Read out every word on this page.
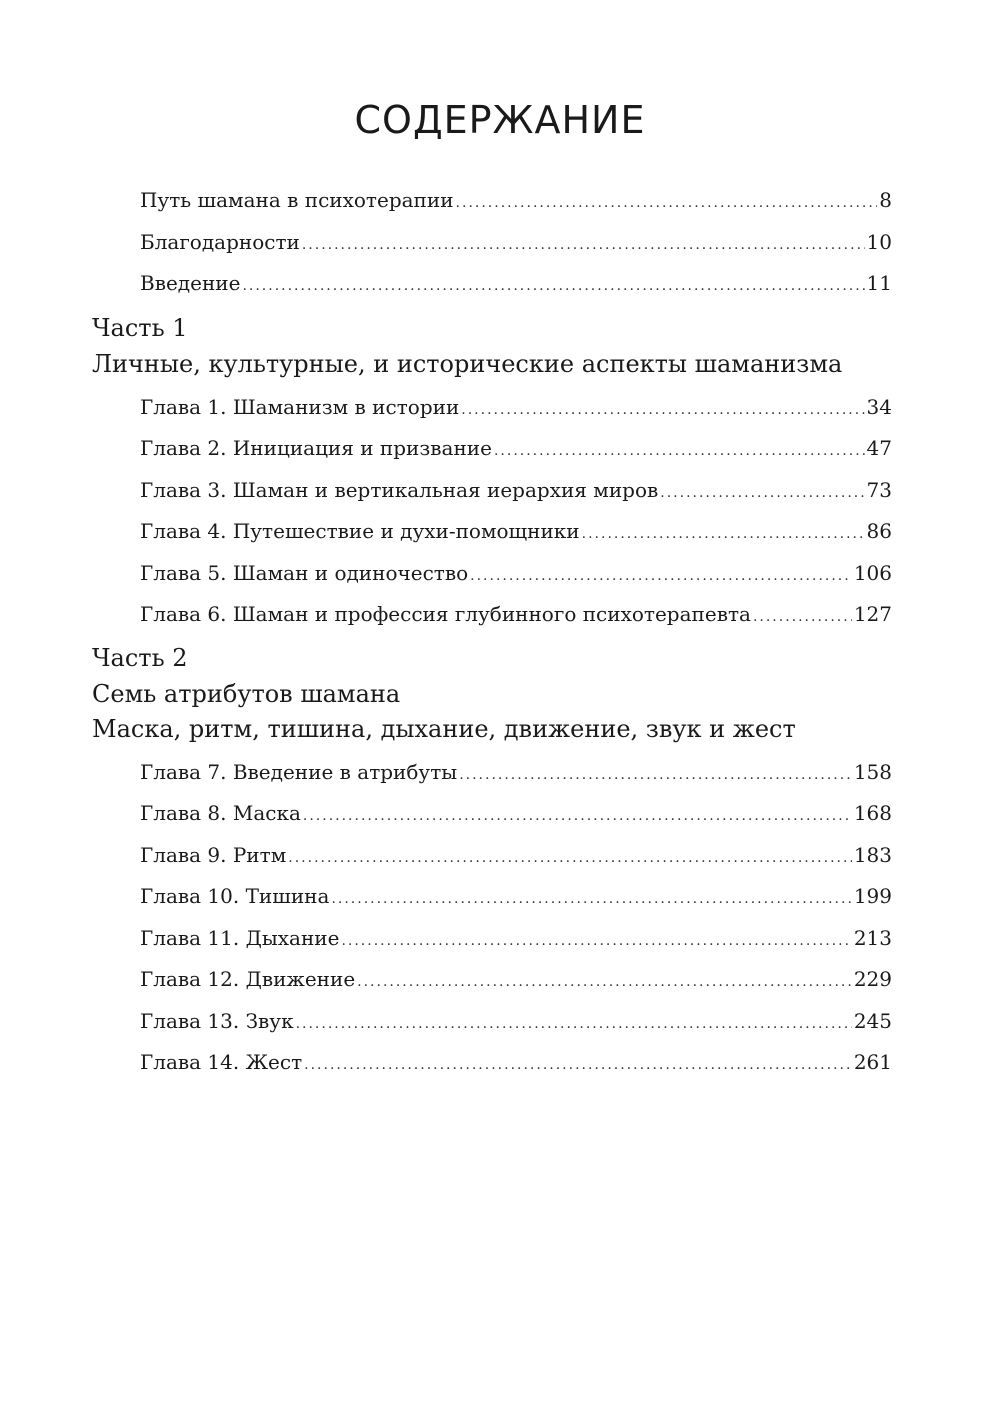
СОДЕРЖАНИЕ
Путь шамана в психотерапии .....	8
Благодарности .....	10
Введение .....	11
Часть 1
Личные, культурные, и исторические аспекты шаманизма
Глава 1. Шаманизм в истории .....	34
Глава 2. Инициация и призвание .....	47
Глава 3. Шаман и вертикальная иерархия миров .....	73
Глава 4. Путешествие и духи-помощники .....	86
Глава 5. Шаман и одиночество .....	106
Глава 6. Шаман и профессия глубинного психотерапевта .....	127
Часть 2
Семь атрибутов шамана
Маска, ритм, тишина, дыхание, движение, звук и жест
Глава 7. Введение в атрибуты .....	158
Глава 8. Маска .....	168
Глава 9. Ритм .....	183
Глава 10. Тишина .....	199
Глава 11. Дыхание .....	213
Глава 12. Движение .....	229
Глава 13. Звук .....	245
Глава 14. Жест .....	261
